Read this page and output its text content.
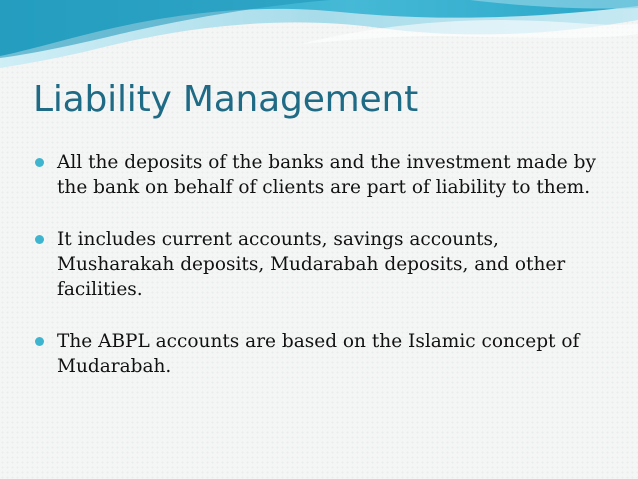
Liability Management
All the deposits of the banks and the investment made by the bank on behalf of clients are part of liability to them.
It includes current accounts, savings accounts, Musharakah deposits, Mudarabah deposits, and other facilities.
The ABPL accounts are based on the Islamic concept of Mudarabah.
